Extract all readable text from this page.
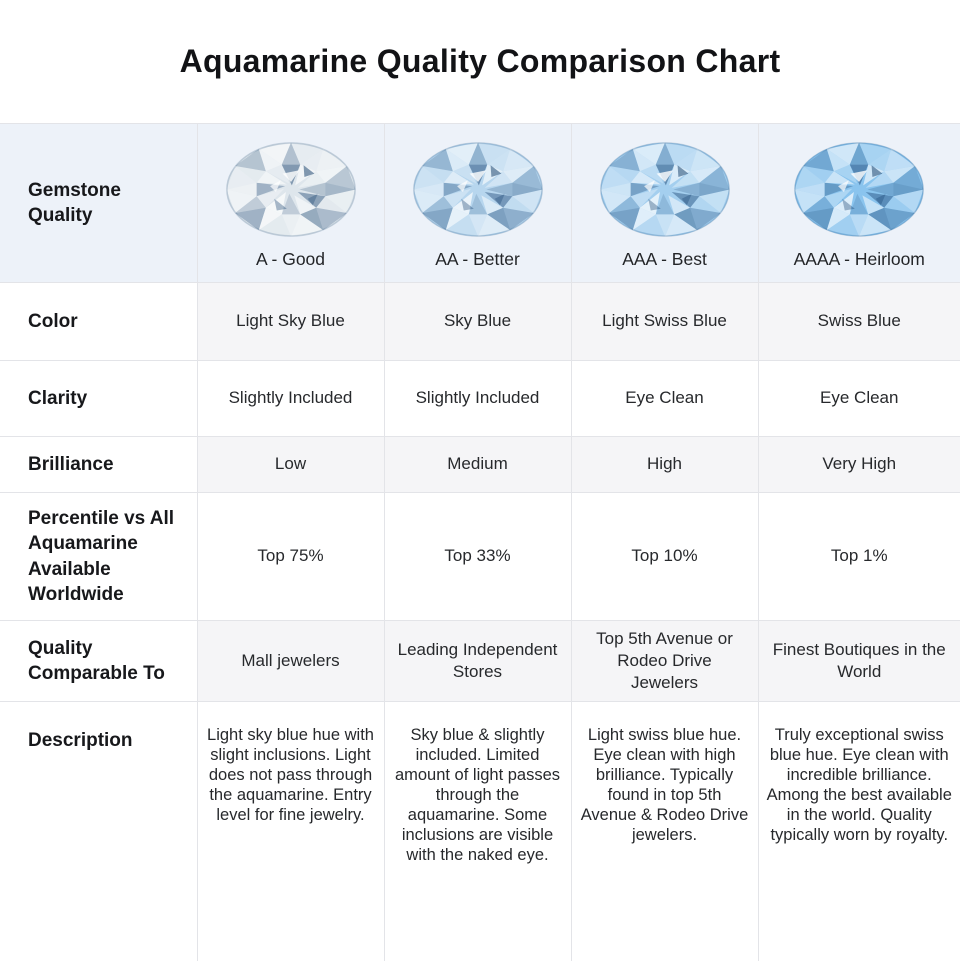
Aquamarine Quality Comparison Chart
Gemstone Quality	A - Good	AA - Better	AAA - Best	AAAA - Heirloom

Color	Light Sky Blue	Sky Blue	Light Swiss Blue	Swiss Blue
Clarity	Slightly Included	Slightly Included	Eye Clean	Eye Clean
Brilliance	Low	Medium	High	Very High
Percentile vs All Aquamarine Available Worldwide	Top 75%	Top 33%	Top 10%	Top 1%
Quality Comparable To	Mall jewelers	Leading Independent Stores	Top 5th Avenue or Rodeo Drive Jewelers	Finest Boutiques in the World
Description	Light sky blue hue with slight inclusions. Light does not pass through the aquamarine. Entry level for fine jewelry.	Sky blue & slightly included. Limited amount of light passes through the aquamarine. Some inclusions are visible with the naked eye.	Light swiss blue hue. Eye clean with high brilliance. Typically found in top 5th Avenue & Rodeo Drive jewelers.	Truly exceptional swiss blue hue. Eye clean with incredible brilliance. Among the best available in the world. Quality typically worn by royalty.
